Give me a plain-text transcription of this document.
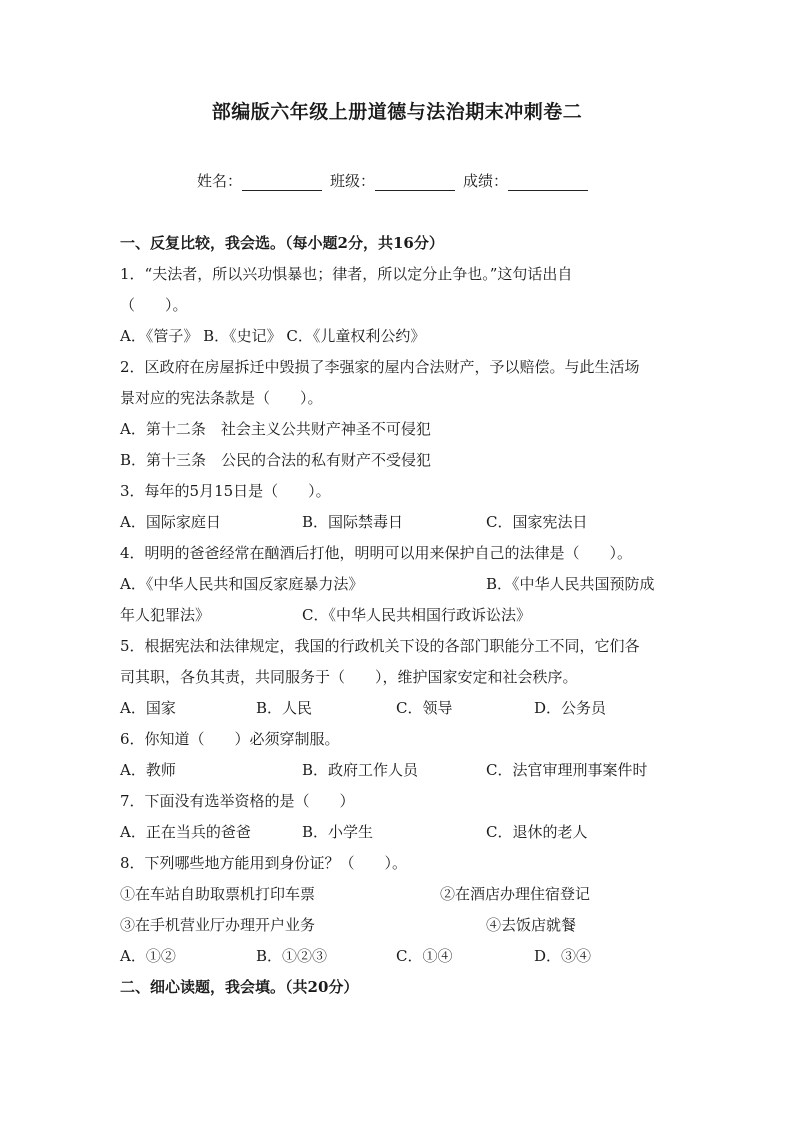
部编版六年级上册道德与法治期末冲刺卷二
姓名：	班级：	成绩：
一、反复比较，我会选。（每小题2分，共16分）
1．“夫法者，所以兴功惧暴也；律者，所以定分止争也。”这句话出自
（　　）。
A．《管子》 B．《史记》 C．《儿童权利公约》
2．区政府在房屋拆迁中毁损了李强家的屋内合法财产，予以赔偿。与此生活场
景对应的宪法条款是（　　）。
A．第十二条　社会主义公共财产神圣不可侵犯
B．第十三条　公民的合法的私有财产不受侵犯
3．每年的5月15日是（　　）。
A．国际家庭日	B．国际禁毒日	C．国家宪法日
4．明明的爸爸经常在酗酒后打他，明明可以用来保护自己的法律是（　　）。
A．《中华人民共和国反家庭暴力法》	B．《中华人民共国预防成
年人犯罪法》	C．《中华人民共相国行政诉讼法》
5．根据宪法和法律规定，我国的行政机关下设的各部门职能分工不同，它们各
司其职，各负其责，共同服务于（　　），维护国家安定和社会秩序。
A．国家	B．人民	C．领导	D．公务员
6．你知道（　　）必须穿制服。
A．教师	B．政府工作人员	C．法官审理刑事案件时
7．下面没有选举资格的是（　　）
A．正在当兵的爸爸	B．小学生	C．退休的老人
8．下列哪些地方能用到身份证？（　　）。
①在车站自助取票机打印车票	②在酒店办理住宿登记
③在手机营业厅办理开户业务	④去饭店就餐
A．①②	B．①②③	C．①④	D．③④
二、细心读题，我会填。（共20分）
